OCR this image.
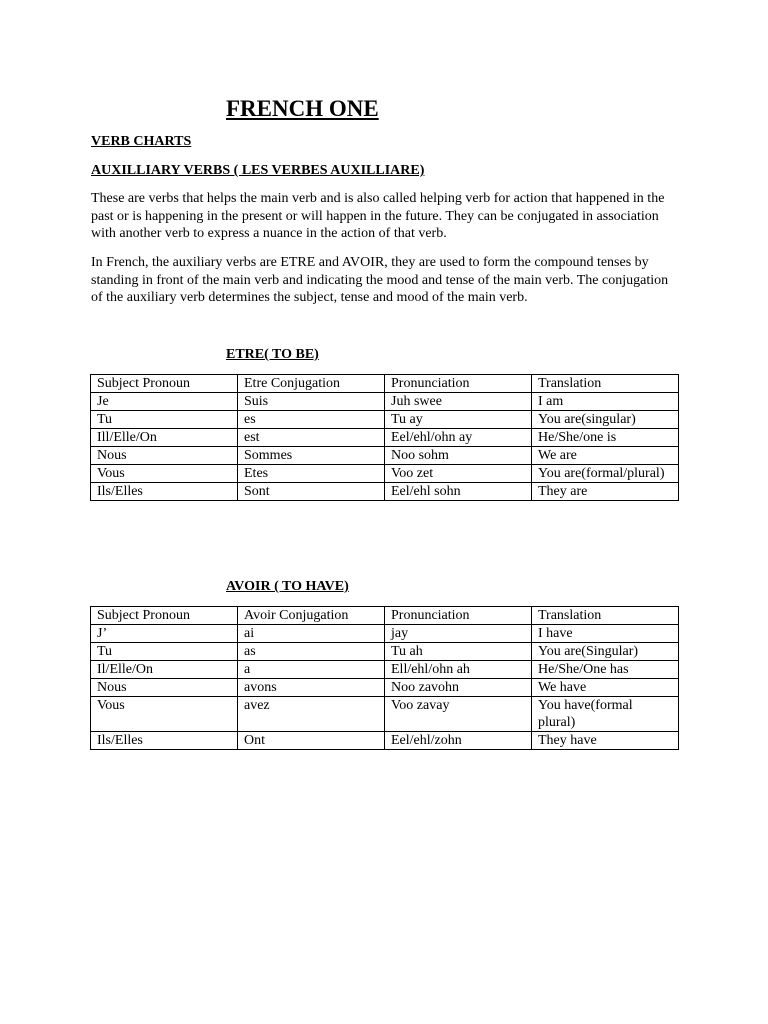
FRENCH ONE
VERB CHARTS
AUXILLIARY VERBS ( LES VERBES AUXILLIARE)

These are verbs that helps the main verb and is also called helping verb for action that happened in the past or is happening in the present or will happen in the future. They can be conjugated in association with another verb to express a nuance in the action of that verb.

In French, the auxiliary verbs are ETRE and AVOIR, they are used to form the compound tenses by standing in front of the main verb and indicating the mood and tense of the main verb. The conjugation of the auxiliary verb determines the subject, tense and mood of the main verb.

ETRE( TO BE)
Subject Pronoun	Etre Conjugation	Pronunciation	Translation
Je	Suis	Juh swee	I am
Tu	es	Tu ay	You are(singular)
Ill/Elle/On	est	Eel/ehl/ohn ay	He/She/one is
Nous	Sommes	Noo sohm	We are
Vous	Etes	Voo zet	You are(formal/plural)
Ils/Elles	Sont	Eel/ehl sohn	They are
AVOIR ( TO HAVE)
Subject Pronoun	Avoir Conjugation	Pronunciation	Translation
J’	ai	jay	I have
Tu	as	Tu ah	You are(Singular)
Il/Elle/On	a	Ell/ehl/ohn ah	He/She/One has
Nous	avons	Noo zavohn	We have
Vous	avez	Voo zavay	You have(formal plural)
Ils/Elles	Ont	Eel/ehl/zohn	They have
